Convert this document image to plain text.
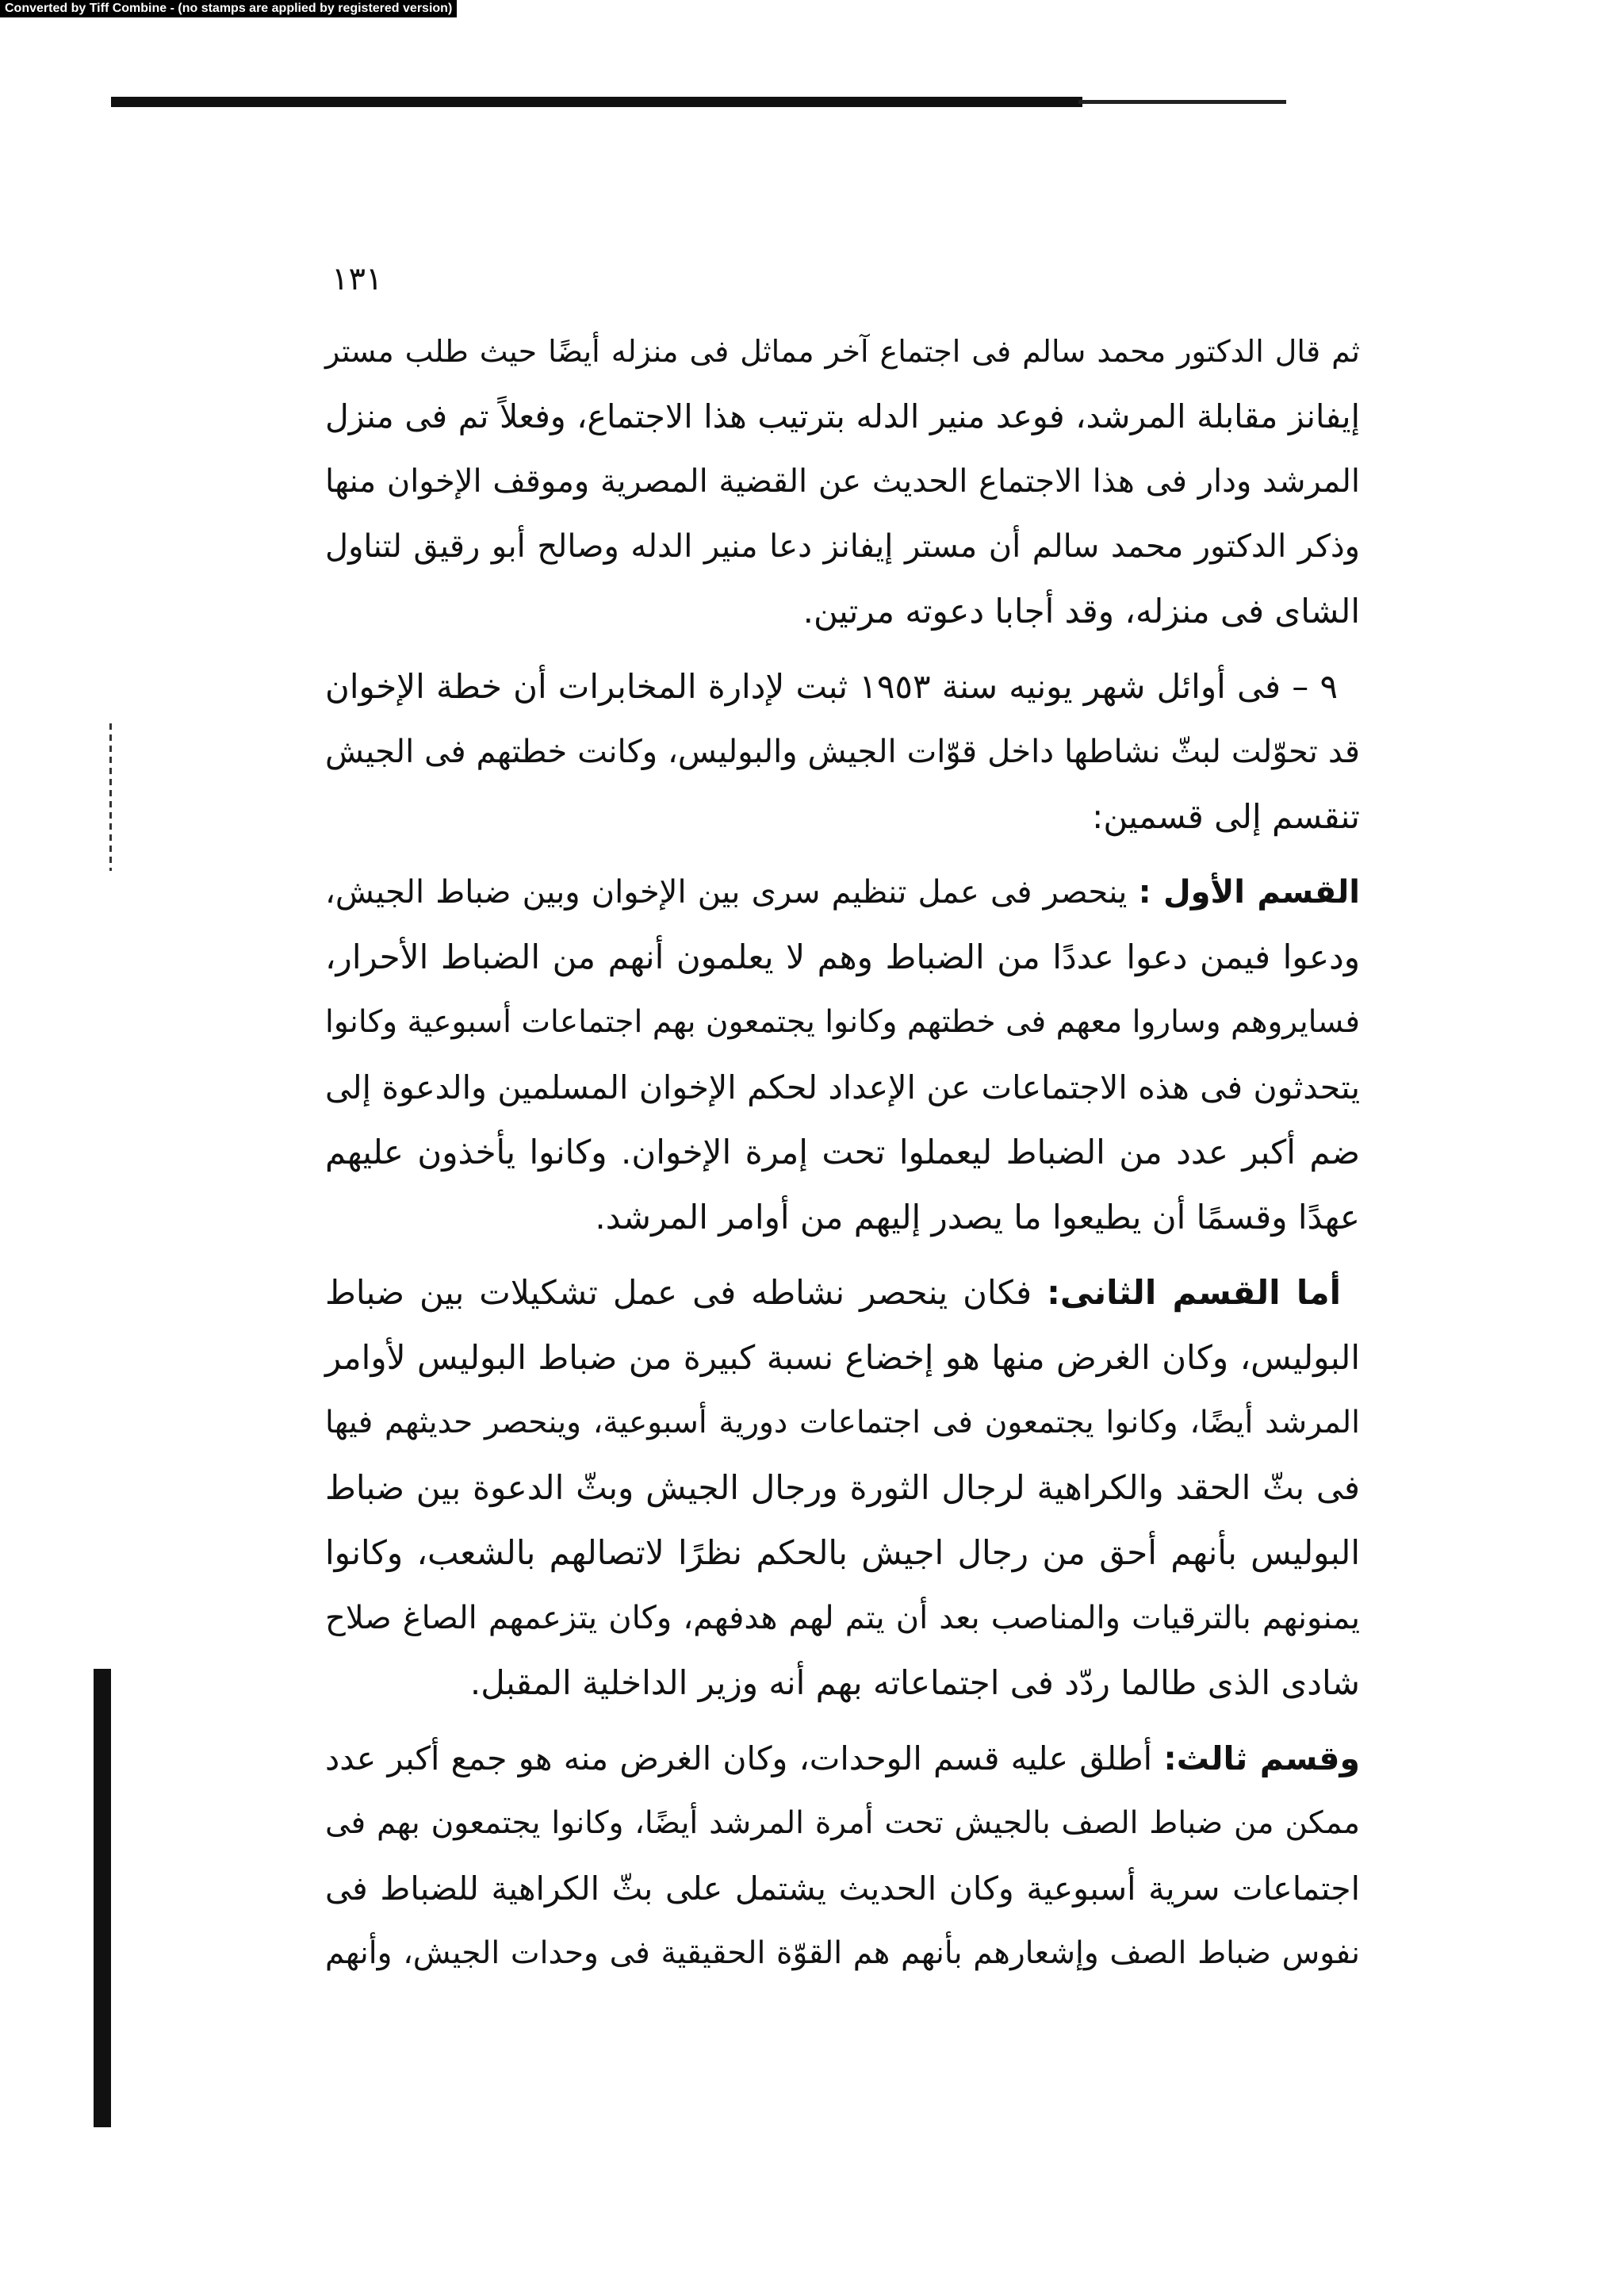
Converted by Tiff Combine - (no stamps are applied by registered version)
١٣١
ثم قال الدكتور محمد سالم فى اجتماع آخر مماثل فى منزله أيضًا حيث طلب مستر
إيفانز مقابلة المرشد، فوعد منير الدله بترتيب هذا الاجتماع، وفعلاً تم فى منزل
المرشد ودار فى هذا الاجتماع الحديث عن القضية المصرية وموقف الإخوان منها
وذكر الدكتور محمد سالم أن مستر إيفانز دعا منير الدله وصالح أبو رقيق لتناول
الشاى فى منزله، وقد أجابا دعوته مرتين.
٩ – فى أوائل شهر يونيه سنة ١٩٥٣ ثبت لإدارة المخابرات أن خطة الإخوان
قد تحوّلت لبثّ نشاطها داخل قوّات الجيش والبوليس، وكانت خطتهم فى الجيش
تنقسم إلى قسمين:
القسم الأول : ينحصر فى عمل تنظيم سرى بين الإخوان وبين ضباط الجيش،
ودعوا فيمن دعوا عددًا من الضباط وهم لا يعلمون أنهم من الضباط الأحرار،
فسايروهم وساروا معهم فى خطتهم وكانوا يجتمعون بهم اجتماعات أسبوعية وكانوا
يتحدثون فى هذه الاجتماعات عن الإعداد لحكم الإخوان المسلمين والدعوة إلى
ضم أكبر عدد من الضباط ليعملوا تحت إمرة الإخوان. وكانوا يأخذون عليهم
عهدًا وقسمًا أن يطيعوا ما يصدر إليهم من أوامر المرشد.
أما القسم الثانى: فكان ينحصر نشاطه فى عمل تشكيلات بين ضباط
البوليس، وكان الغرض منها هو إخضاع نسبة كبيرة من ضباط البوليس لأوامر
المرشد أيضًا، وكانوا يجتمعون فى اجتماعات دورية أسبوعية، وينحصر حديثهم فيها
فى بثّ الحقد والكراهية لرجال الثورة ورجال الجيش وبثّ الدعوة بين ضباط
البوليس بأنهم أحق من رجال اجيش بالحكم نظرًا لاتصالهم بالشعب، وكانوا
يمنونهم بالترقيات والمناصب بعد أن يتم لهم هدفهم، وكان يتزعمهم الصاغ صلاح
شادى الذى طالما ردّد فى اجتماعاته بهم أنه وزير الداخلية المقبل.
وقسم ثالث: أطلق عليه قسم الوحدات، وكان الغرض منه هو جمع أكبر عدد
ممكن من ضباط الصف بالجيش تحت أمرة المرشد أيضًا، وكانوا يجتمعون بهم فى
اجتماعات سرية أسبوعية وكان الحديث يشتمل على بثّ الكراهية للضباط فى
نفوس ضباط الصف وإشعارهم بأنهم هم القوّة الحقيقية فى وحدات الجيش، وأنهم
